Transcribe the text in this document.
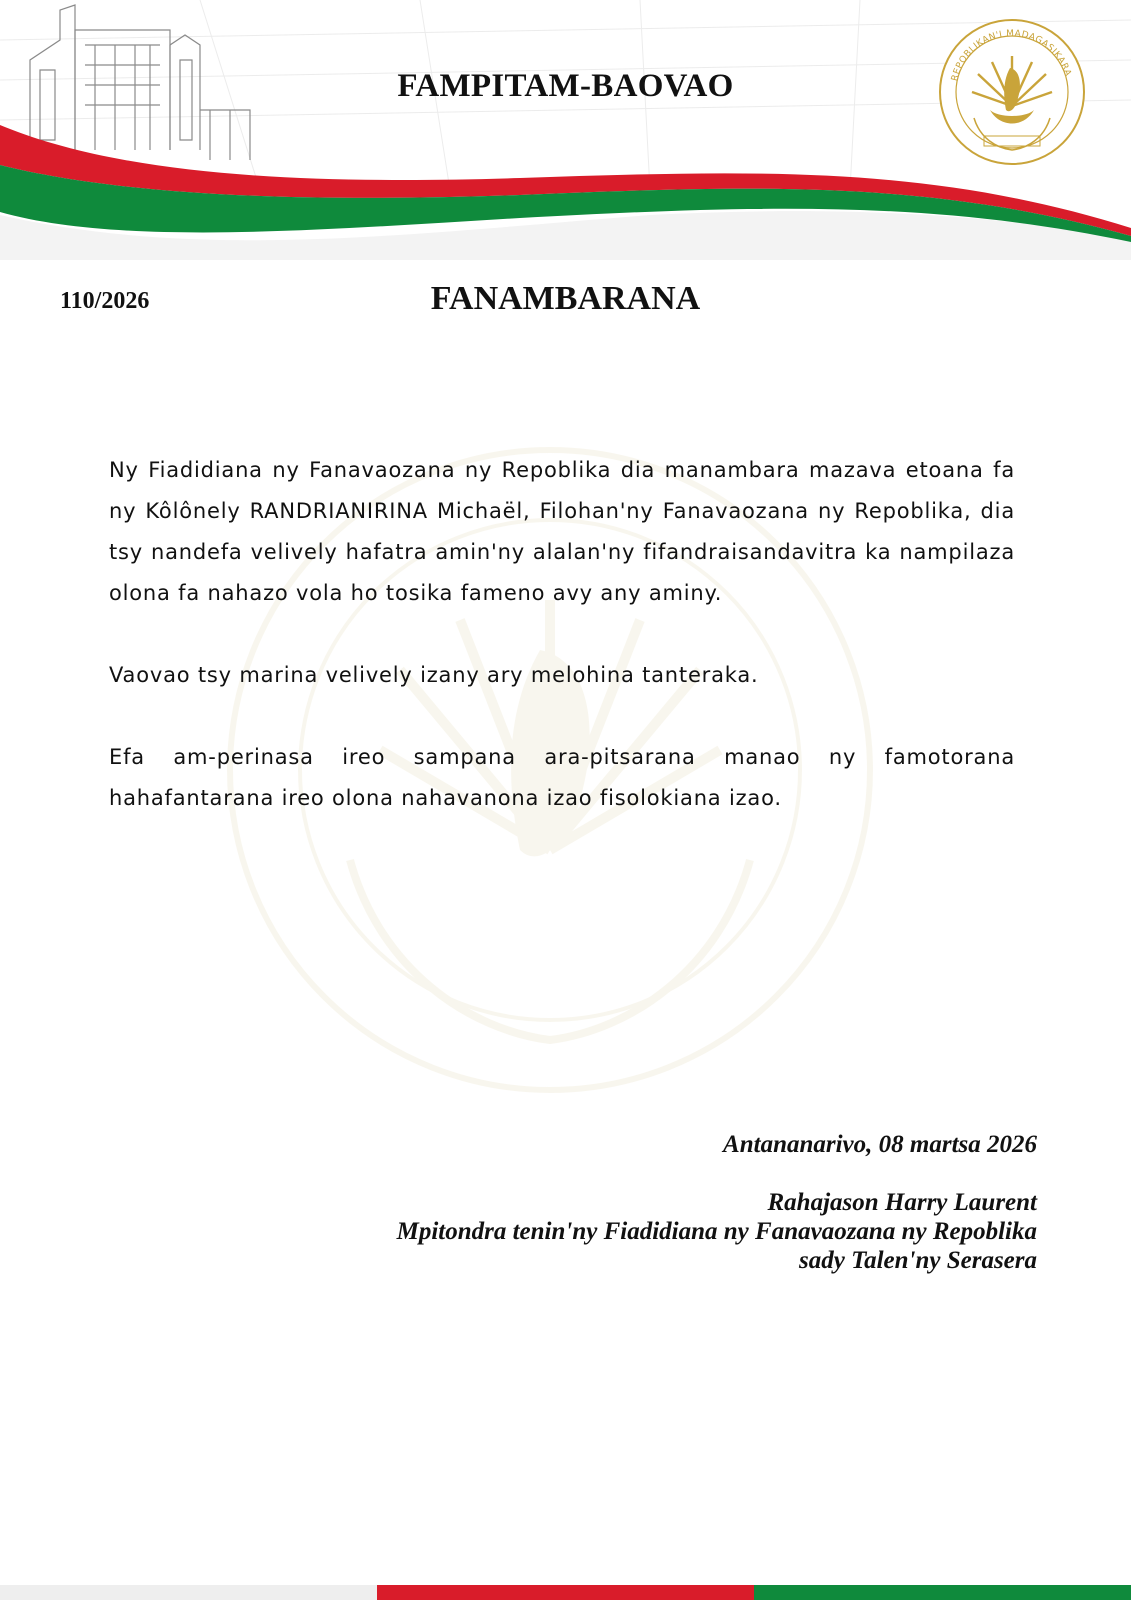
REPOBLIKAN'I MADAGASIKARA
FAMPITAM-BAOVAO
110/2026	FANAMBARANA

Ny Fiadidiana ny Fanavaozana ny Repoblika dia manambara mazava etoana fa ny Kôlônely RANDRIANIRINA Michaël, Filohan'ny Fanavaozana ny Repoblika, dia tsy nandefa velively hafatra amin'ny alalan'ny fifandraisandavitra ka nampilaza olona fa nahazo vola ho tosika fameno avy any aminy.

Vaovao tsy marina velively izany ary melohina tanteraka.

Efa am-perinasa ireo sampana ara-pitsarana manao ny famotorana hahafantarana ireo olona nahavanona izao fisolokiana izao.

Antananarivo, 08 martsa 2026
Rahajason Harry Laurent
Mpitondra tenin'ny Fiadidiana ny Fanavaozana ny Repoblika
sady Talen'ny Serasera
